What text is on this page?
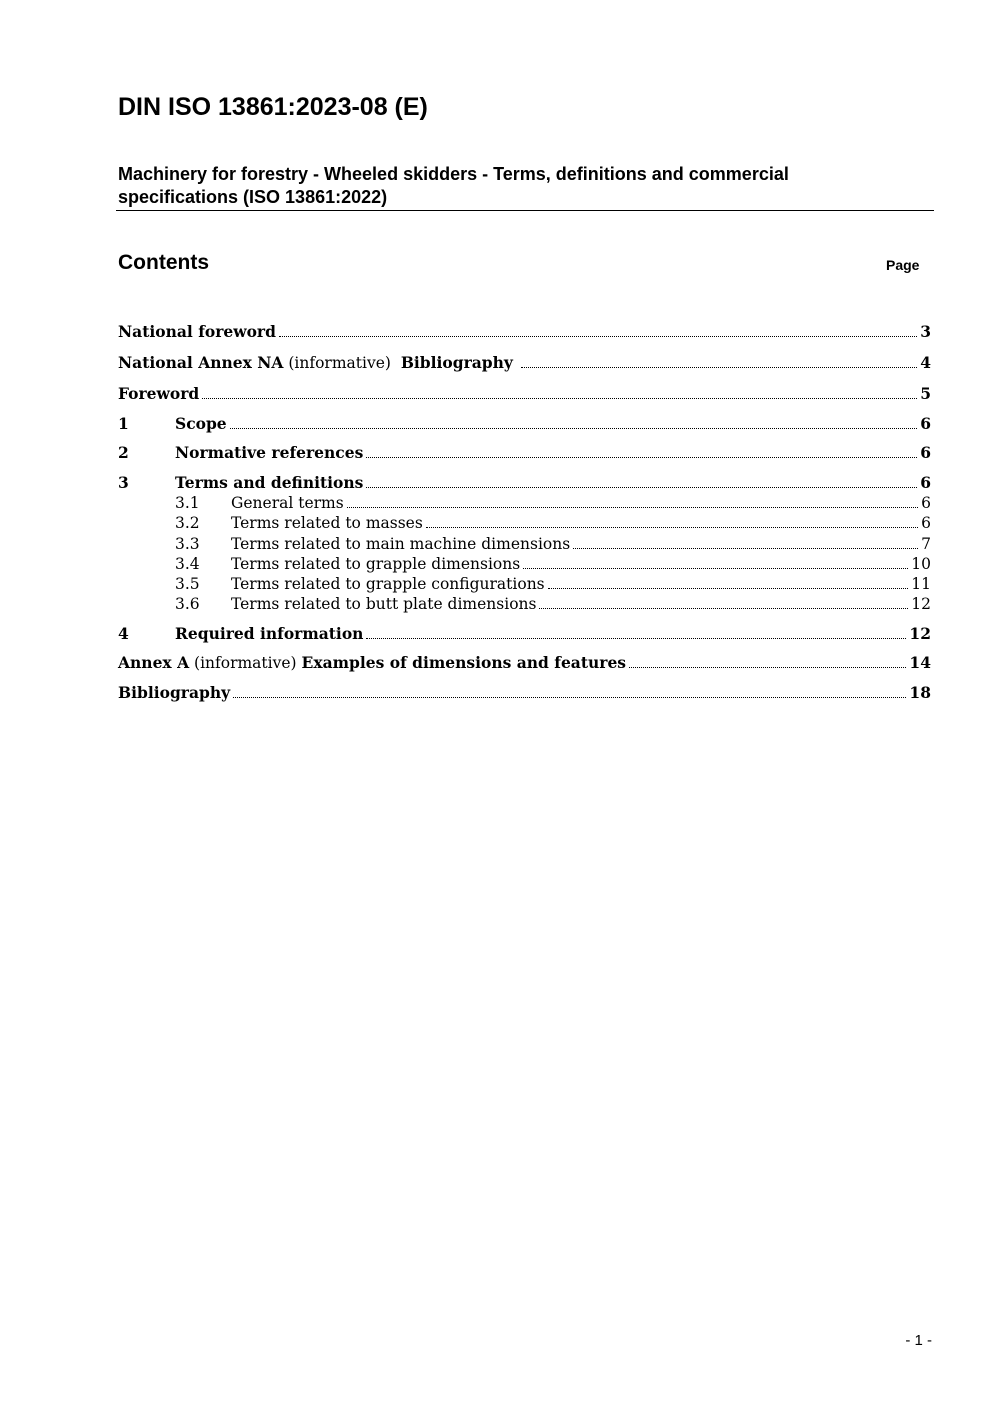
DIN ISO 13861:2023-08 (E)
Machinery for forestry - Wheeled skidders - Terms, definitions and commercial
specifications (ISO 13861:2022)
Contents	Page
National foreword	3
National Annex NA (informative)  Bibliography	4
Foreword	5
1	Scope	6
2	Normative references	6
3	Terms and definitions	6
3.1 General terms	6
3.2 Terms related to masses	6
3.3 Terms related to main machine dimensions	7
3.4 Terms related to grapple dimensions	10
3.5 Terms related to grapple configurations	11
3.6 Terms related to butt plate dimensions	12
4	Required information	12
Annex A (informative) Examples of dimensions and features	14
Bibliography	18
- 1 -
